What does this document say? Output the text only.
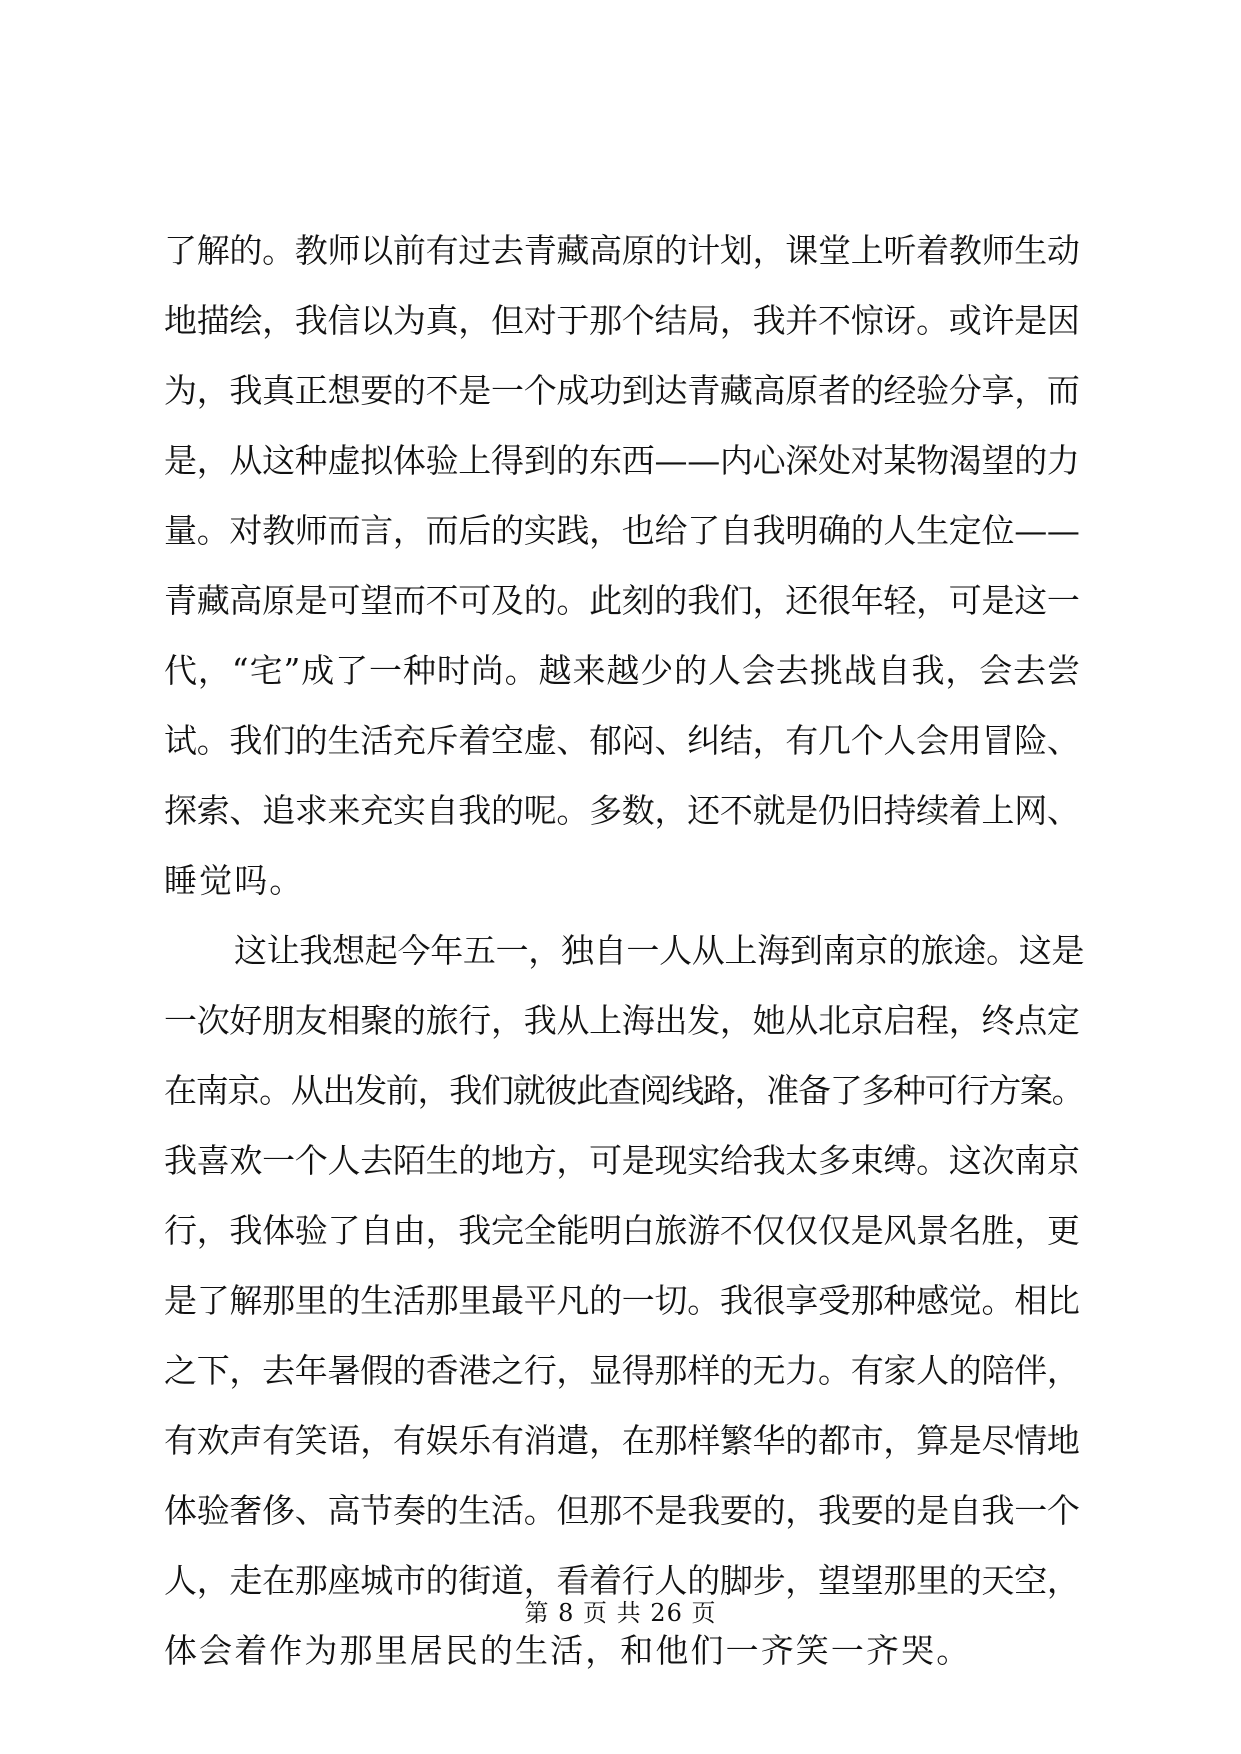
了解的。教师以前有过去青藏高原的计划，课堂上听着教师生动
地描绘，我信以为真，但对于那个结局，我并不惊讶。或许是因
为，我真正想要的不是一个成功到达青藏高原者的经验分享，而
是，从这种虚拟体验上得到的东西——内心深处对某物渴望的力
量。对教师而言，而后的实践，也给了自我明确的人生定位——
青藏高原是可望而不可及的。此刻的我们，还很年轻，可是这一
代，“宅”成了一种时尚。越来越少的人会去挑战自我，会去尝
试。我们的生活充斥着空虚、郁闷、纠结，有几个人会用冒险、
探索、追求来充实自我的呢。多数，还不就是仍旧持续着上网、
睡觉吗。
这让我想起今年五一，独自一人从上海到南京的旅途。这是
一次好朋友相聚的旅行，我从上海出发，她从北京启程，终点定
在南京。从出发前，我们就彼此查阅线路，准备了多种可行方案。
我喜欢一个人去陌生的地方，可是现实给我太多束缚。这次南京
行，我体验了自由，我完全能明白旅游不仅仅仅是风景名胜，更
是了解那里的生活那里最平凡的一切。我很享受那种感觉。相比
之下，去年暑假的香港之行，显得那样的无力。有家人的陪伴，
有欢声有笑语，有娱乐有消遣，在那样繁华的都市，算是尽情地
体验奢侈、高节奏的生活。但那不是我要的，我要的是自我一个
人，走在那座城市的街道，看着行人的脚步，望望那里的天空，
体会着作为那里居民的生活，和他们一齐笑一齐哭。
第 8 页 共 26 页
